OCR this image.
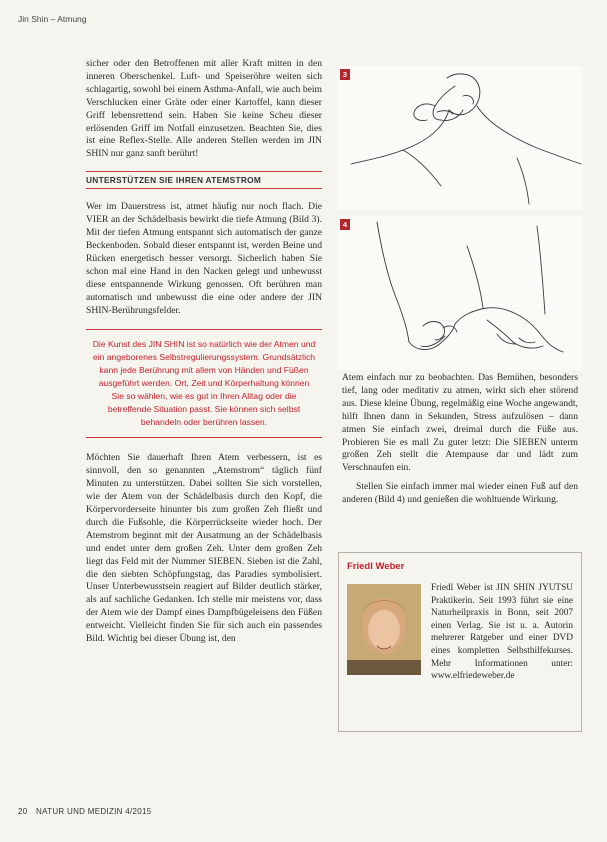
Jin Shin – Atmung

sicher oder den Betroffenen mit aller Kraft mitten in den inneren Oberschenkel. Luft- und Speiseröhre weiten sich schlagartig, sowohl bei einem Asthma-Anfall, wie auch beim Verschlucken einer Gräte oder einer Kartoffel, kann dieser Griff lebensrettend sein. Haben Sie keine Scheu dieser erlösenden Griff im Notfall einzusetzen. Beachten Sie, dies ist eine Reflex-Stelle. Alle anderen Stellen werden im JIN SHIN nur ganz sanft berührt!

UNTERSTÜTZEN SIE IHREN ATEMSTROM

Wer im Dauerstress ist, atmet häufig nur noch flach. Die VIER an der Schädelbasis bewirkt die tiefe Atmung (Bild 3). Mit der tiefen Atmung entspannt sich automatisch der ganze Beckenboden. Sobald dieser entspannt ist, werden Beine und Rücken energetisch besser versorgt. Sicherlich haben Sie schon mal eine Hand in den Nacken gelegt und unbewusst diese entspannende Wirkung genossen. Oft berühren man automatisch und unbewusst die eine oder andere der JIN SHIN-Berührungsfelder.

Die Kunst des JIN SHIN ist so natürlich wie der Atmen und ein angeborenes Selbstregulierungssystem. Grundsätzlich kann jede Berührung mit allem von Händen und Füßen ausgeführt werden. Ort, Zeit und Körperhaltung können Sie so wählen, wie es gut in Ihren Alltag oder die betreffende Situation passt. Sie können sich selbst behandeln oder berühren lassen.

Möchten Sie dauerhaft Ihren Atem verbessern, ist es sinnvoll, den so genannten „Atemstrom“ täglich fünf Minuten zu unterstützen. Dabei sollten Sie sich vorstellen, wie der Atem von der Schädelbasis durch den Kopf, die Körpervorderseite hinunter bis zum großen Zeh fließt und durch die Fußsohle, die Körperrückseite wieder hoch. Der Atemstrom beginnt mit der Ausatmung an der Schädelbasis und endet unter dem großen Zeh. Unter dem großen Zeh liegt das Feld mit der Nummer SIEBEN. Sieben ist die Zahl, die den siebten Schöpfungstag, das Paradies symbolisiert. Unser Unterbewusstsein reagiert auf Bilder deutlich stärker, als auf sachliche Gedanken. Ich stelle mir meistens vor, dass der Atem wie der Dampf eines Dampfbügeleisens den Füßen entweicht. Vielleicht finden Sie für sich auch ein passendes Bild. Wichtig bei dieser Übung ist, den

3
4

Atem einfach nur zu beobachten. Das Bemühen, besonders tief, lang oder meditativ zu atmen, wirkt sich eher störend aus. Diese kleine Übung, regelmäßig eine Woche angewandt, hilft Ihnen dann in Sekunden, Stress aufzulösen – dann atmen Sie einfach zwei, dreimal durch die Füße aus. Probieren Sie es mall Zu guter letzt: Die SIEBEN unterm großen Zeh stellt die Atempause dar und lädt zum Verschnaufen ein.

Stellen Sie einfach immer mal wieder einen Fuß auf den anderen (Bild 4) und genießen die wohltuende Wirkung.

Friedl Weber
Friedl Weber ist JIN SHIN JYUTSU Praktikerin. Seit 1993 führt sie eine Naturheilpraxis in Bonn, seit 2007 einen Verlag. Sie ist u. a. Autorin mehrerer Ratgeber und einer DVD eines kompletten Selbsthilfekurses. Mehr Informationen unter: www.elfriedeweber.de
20 NATUR UND MEDIZIN 4/2015
